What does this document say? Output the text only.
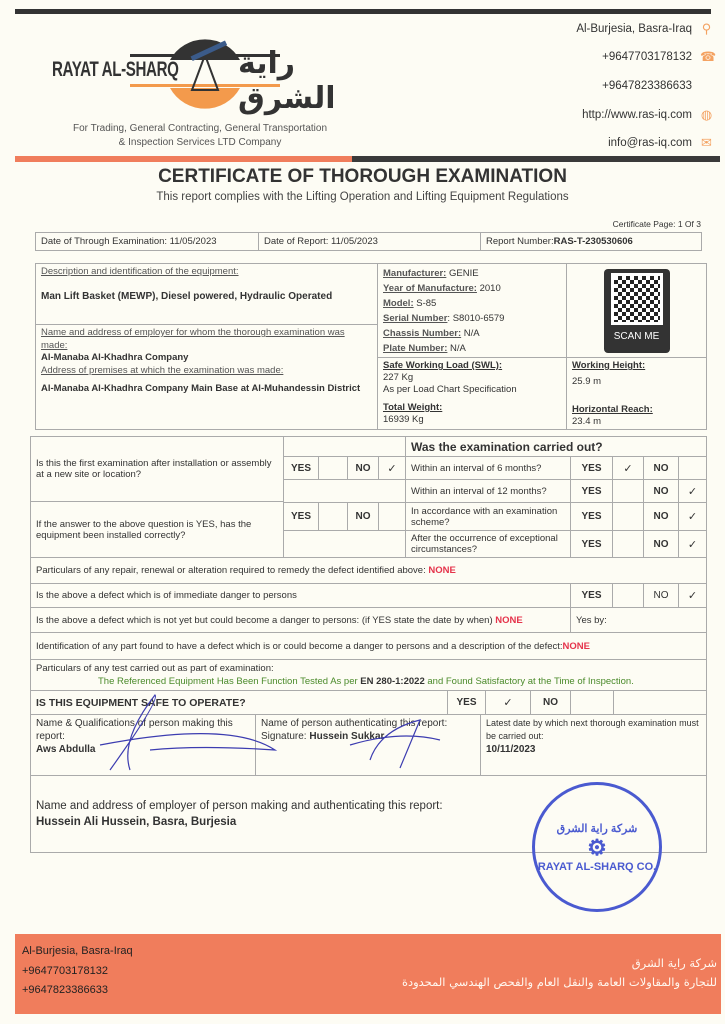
RAYAT AL-SHARQ راية الشرق
For Trading, General Contracting, General Transportation
& Inspection Services LTD Company
Al-Burjesia, Basra-Iraq ⚲
+9647703178132 ☎
+9647823386633
http://www.ras-iq.com ◍
info@ras-iq.com ✉
CERTIFICATE OF THOROUGH EXAMINATION
This report complies with the Lifting Operation and Lifting Equipment Regulations
Certificate Page: 1 Of 3
Date of Through Examination: 11/05/2023	Date of Report: 11/05/2023	Report Number: RAS-T-230530606
Description and identification of the equipment:
Man Lift Basket (MEWP), Diesel powered, Hydraulic Operated
Name and address of employer for whom the thorough examination was made:
Al-Manaba Al-Khadhra Company
Address of premises at which the examination was made:
Al-Manaba Al-Khadhra Company Main Base at Al-Muhandessin District
Manufacturer: GENIE
Year of Manufacture: 2010
Model: S-85
Serial Number: S8010-6579
Chassis Number: N/A
Plate Number: N/A
SCAN ME
Safe Working Load (SWL):
227 Kg
As per Load Chart Specification
Total Weight:
16939 Kg
Working Height:
25.9 m
Horizontal Reach:
23.4 m
Is this the first examination after installation or assembly at a new site or location?
If the answer to the above question is YES, has the equipment been installed correctly?
YES	NO	✓
YES	NO
Was the examination carried out?
Within an interval of 6 months?	YES	✓	NO
Within an interval of 12 months?	YES	NO	✓
In accordance with an examination scheme?	YES	NO	✓
After the occurrence of exceptional circumstances?	YES	NO	✓
Particulars of any repair, renewal or alteration required to remedy the defect identified above:
NONE
Is the above a defect which is of immediate danger to persons	YES	NO	✓
Is the above a defect which is not yet but could become a danger to persons: (if YES state the date by when)
NONE	Yes by:
Identification of any part found to have a defect which is or could become a danger to persons and a description of the defect: NONE
Particulars of any test carried out as part of examination:
The Referenced Equipment Has Been Function Tested As per EN 280-1:2022 and Found Satisfactory at the Time of Inspection.
IS THIS EQUIPMENT SAFE TO OPERATE?	YES	✓	NO
Name & Qualifications of person making this report:
Aws Abdulla
Name of person authenticating this report:
Signature: Hussein Sukkar
Latest date by which next thorough examination must be carried out:
10/11/2023
Name and address of employer of person making and authenticating this report:
Hussein Ali Hussein, Basra, Burjesia
شركة راية الشرق
⚙
RAYAT AL-SHARQ CO.
Al-Burjesia, Basra-Iraq
+9647703178132
+9647823386633
شركة راية الشرق
للتجارة والمقاولات العامة والنقل العام والفحص الهندسي المحدودة
